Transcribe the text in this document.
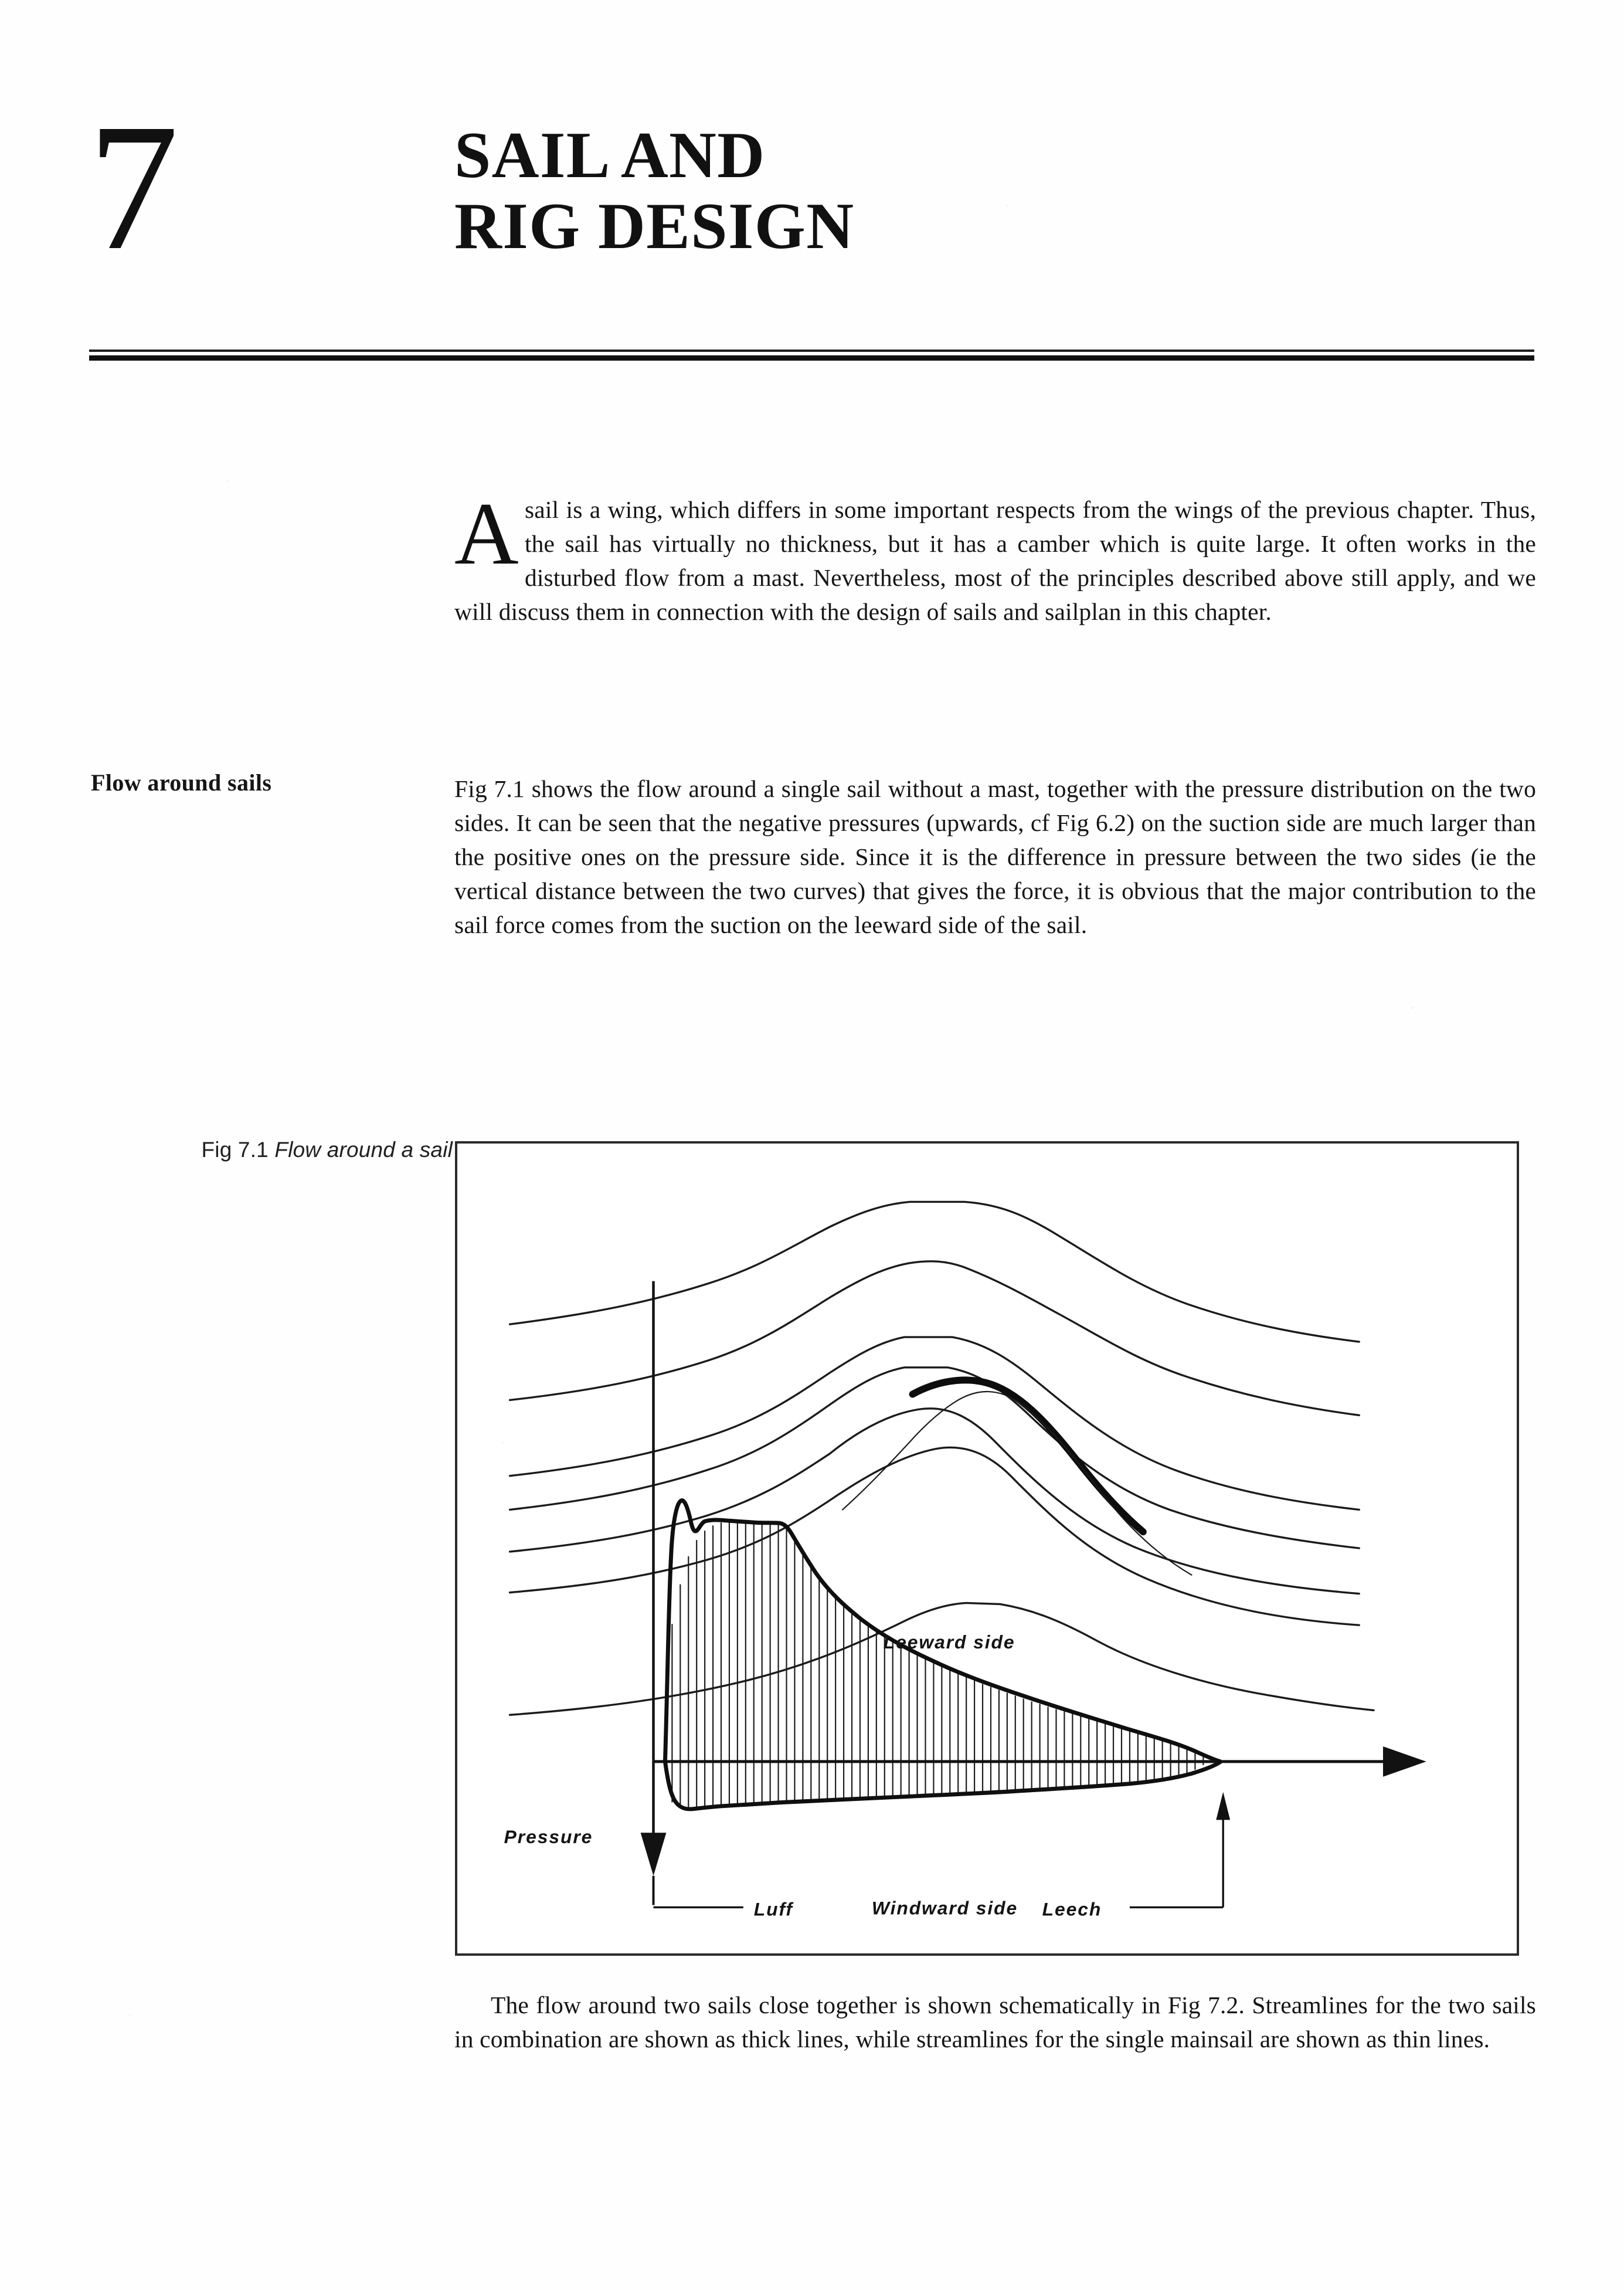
7	SAIL AND
RIG DESIGN
Asail is a wing, which differs in some important respects from the wings of the previous chapter. Thus, the sail has virtually no thickness, but it has a camber which is quite large. It often works in the disturbed flow from a mast. Nevertheless, most of the principles described above still apply, and we will discuss them in connection with the design of sails and sailplan in this chapter.
Flow around sails	Fig 7.1 shows the flow around a single sail without a mast, together with the pressure distribution on the two sides. It can be seen that the negative pressures (upwards, cf Fig 6.2) on the suction side are much larger than the positive ones on the pressure side. Since it is the difference in pressure between the two sides (ie the vertical distance between the two curves) that gives the force, it is obvious that the major contribution to the sail force comes from the suction on the leeward side of the sail.
Fig 7.1 Flow around a sail
Pressure
Luff	Windward side
Leeward side
Leech
The flow around two sails close together is shown schematically in Fig 7.2. Streamlines for the two sails in combination are shown as thick lines, while streamlines for the single mainsail are shown as thin lines.
